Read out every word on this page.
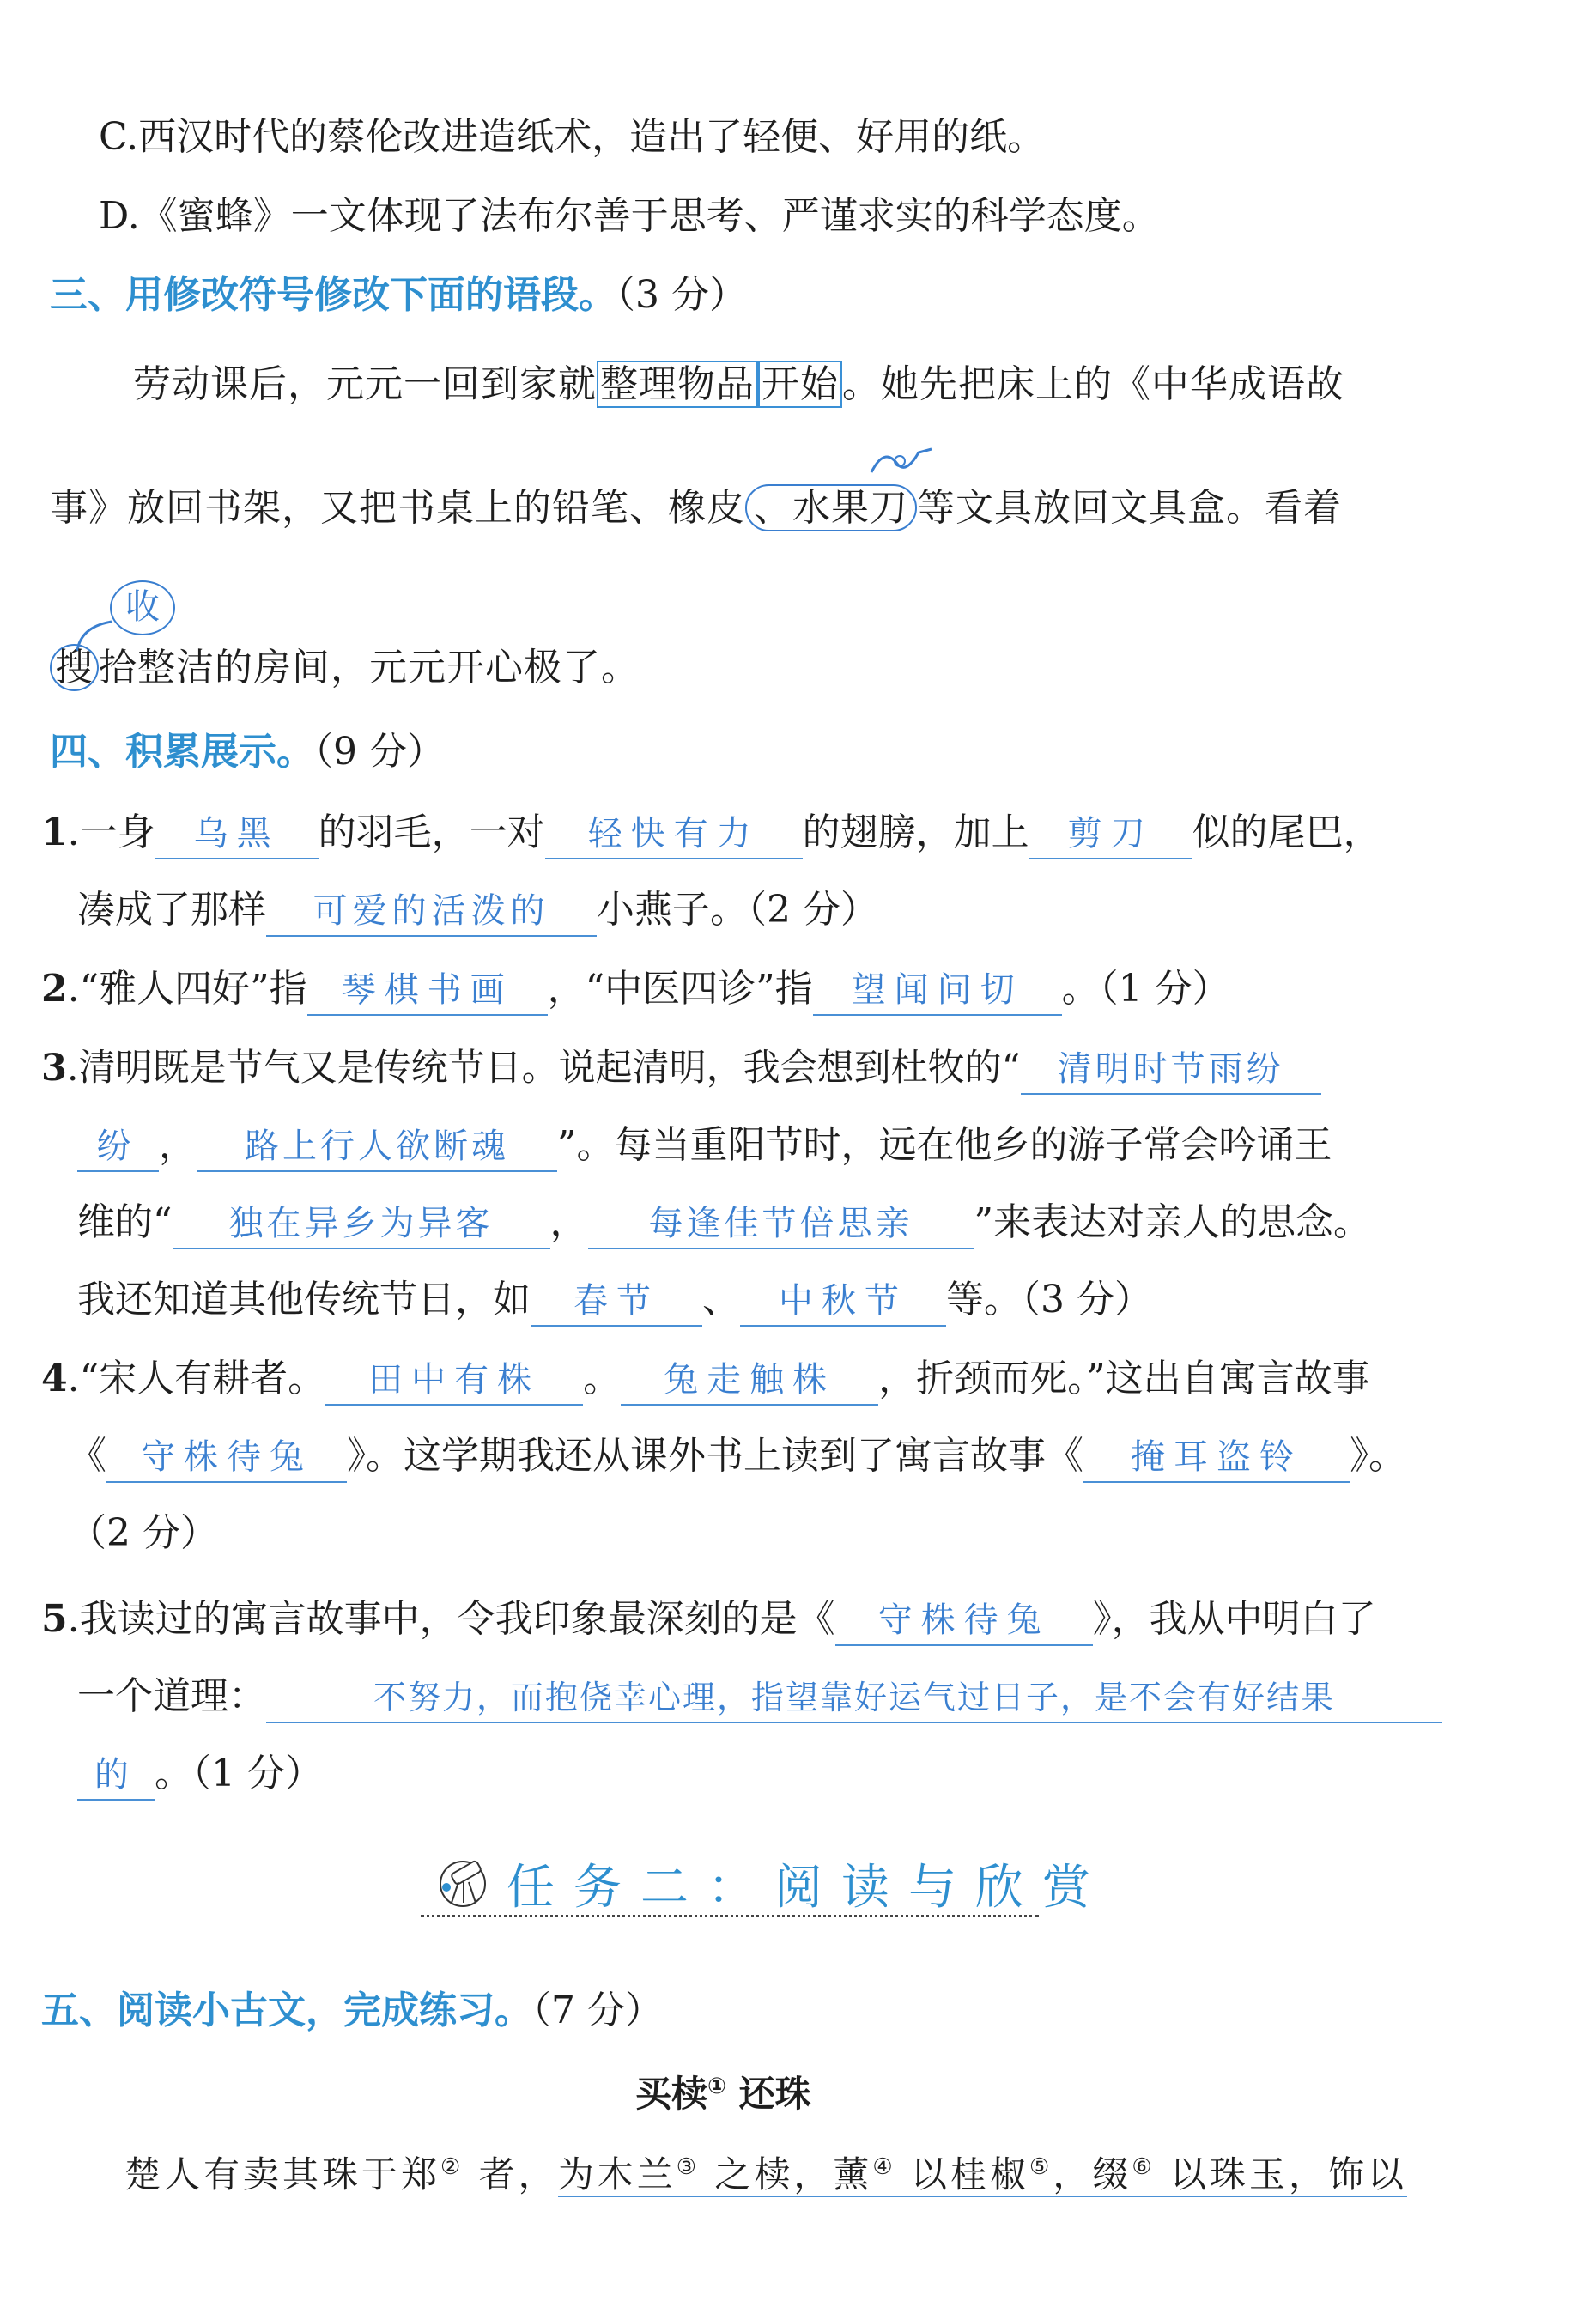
C.西汉时代的蔡伦改进造纸术，造出了轻便、好用的纸。
D.《蜜蜂》一文体现了法布尔善于思考、严谨求实的科学态度。
三、用修改符号修改下面的语段。（3 分）
劳动课后，元元一回到家就整理物品 开始。她先把床上的《中华成语故
事》放回书架，又把书桌上的铅笔、橡皮 、水果刀 等文具放回文具盒。看着
收
搜 拾整洁的房间，元元开心极了。
四、积累展示。（9 分）
1.一身 乌黑 的羽毛，一对 轻快有力 的翅膀，加上 剪刀 似的尾巴，
凑成了那样 可爱的活泼的 小燕子。（2 分）
2.“雅人四好”指 琴棋书画 ，“中医四诊”指 望闻问切 。（1 分）
3.清明既是节气又是传统节日。说起清明，我会想到杜牧的“ 清明时节雨纷
纷 ， 路上行人欲断魂 ”。每当重阳节时，远在他乡的游子常会吟诵王
维的“ 独在异乡为异客 ， 每逢佳节倍思亲 ”来表达对亲人的思念。
我还知道其他传统节日，如 春节 、 中秋节 等。（3 分）
4.“宋人有耕者。 田中有株 。 兔走触株 ，折颈而死。”这出自寓言故事
《 守株待兔 》。这学期我还从课外书上读到了寓言故事《 掩耳盗铃 》。
（2 分）
5.我读过的寓言故事中，令我印象最深刻的是《 守株待兔 》，我从中明白了
一个道理：	不努力，而抱侥幸心理，指望靠好运气过日子，是不会有好结果
的 。（1 分）
任务二：阅读与欣赏
五、阅读小古文，完成练习。（7 分）
买椟① 还珠
楚人有卖其珠于郑② 者，为木兰③ 之椟，薰④ 以桂椒⑤，缀⑥ 以珠玉，饰以
